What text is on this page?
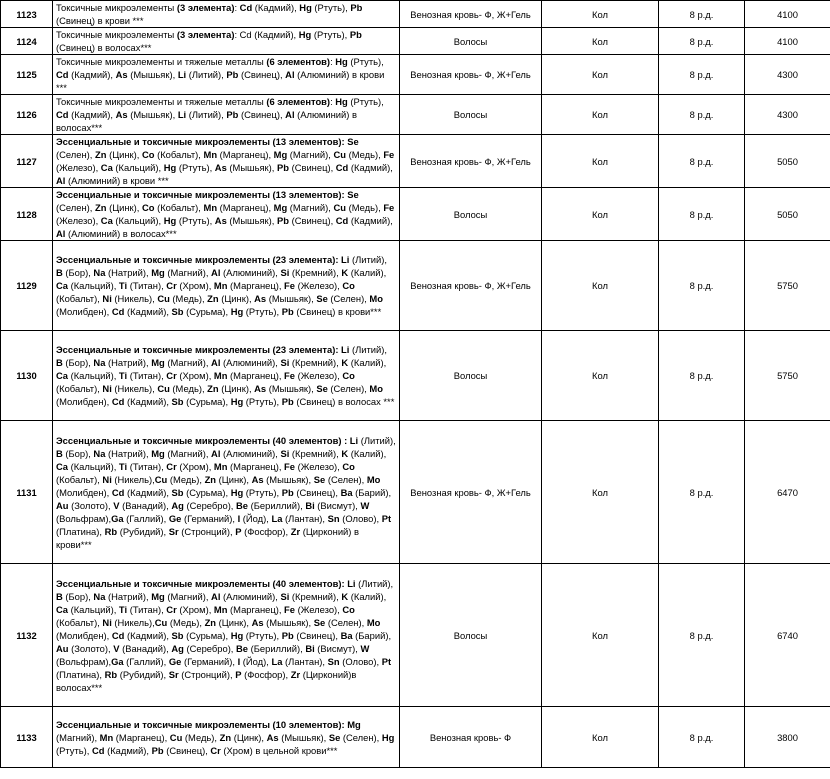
1123	Токсичные микроэлементы (3 элемента): Cd (Кадмий), Hg (Ртуть), Pb (Свинец) в крови ***	Венозная кровь- Ф, Ж+Гель	Кол	8 р.д.	4100
1124	Токсичные микроэлементы (3 элемента): Cd (Кадмий), Hg (Ртуть), Pb (Свинец) в волосах***	Волосы	Кол	8 р.д.	4100
1125	Токсичные микроэлементы и тяжелые металлы (6 элементов): Hg (Ртуть), Cd (Кадмий), As (Мышьяк), Li (Литий), Pb (Свинец), Al (Алюминий) в крови ***	Венозная кровь- Ф, Ж+Гель	Кол	8 р.д.	4300
1126	Токсичные микроэлементы и тяжелые металлы (6 элементов): Hg (Ртуть), Cd (Кадмий), As (Мышьяк), Li (Литий), Pb (Свинец), Al (Алюминий) в волосах***	Волосы	Кол	8 р.д.	4300
1127	Эссенциальные и токсичные микроэлементы (13 элементов): Se (Селен), Zn (Цинк), Co (Кобальт), Mn (Марганец), Mg (Магний), Cu (Медь), Fe (Железо), Ca (Кальций), Hg (Ртуть), As (Мышьяк), Pb (Свинец), Cd (Кадмий), Al (Алюминий) в крови ***	Венозная кровь- Ф, Ж+Гель	Кол	8 р.д.	5050
1128	Эссенциальные и токсичные микроэлементы (13 элементов): Se (Селен), Zn (Цинк), Co (Кобальт), Mn (Марганец), Mg (Магний), Cu (Медь), Fe (Железо), Ca (Кальций), Hg (Ртуть), As (Мышьяк), Pb (Свинец), Cd (Кадмий), Al (Алюминий) в волосах***	Волосы	Кол	8 р.д.	5050
1129	Эссенциальные и токсичные микроэлементы (23 элемента): Li (Литий), B (Бор), Na (Натрий), Mg (Магний), Al (Алюминий), Si (Кремний), K (Калий), Ca (Кальций), Ti (Титан), Cr (Хром), Mn (Марганец), Fe (Железо), Co (Кобальт), Ni (Никель), Cu (Медь), Zn (Цинк), As (Мышьяк), Se (Селен), Mo (Молибден), Cd (Кадмий), Sb (Сурьма), Hg (Ртуть), Pb (Свинец) в крови***	Венозная кровь- Ф, Ж+Гель	Кол	8 р.д.	5750
1130	Эссенциальные и токсичные микроэлементы (23 элемента): Li (Литий), B (Бор), Na (Натрий), Mg (Магний), Al (Алюминий), Si (Кремний), K (Калий), Ca (Кальций), Ti (Титан), Cr (Хром), Mn (Марганец), Fe (Железо), Co (Кобальт), Ni (Никель), Cu (Медь), Zn (Цинк), As (Мышьяк), Se (Селен), Mo (Молибден), Cd (Кадмий), Sb (Сурьма), Hg (Ртуть), Pb (Свинец) в волосах ***	Волосы	Кол	8 р.д.	5750
1131	Эссенциальные и токсичные микроэлементы (40 элементов) : Li (Литий), B (Бор), Na (Натрий), Mg (Магний), Al (Алюминий), Si (Кремний), K (Калий), Ca (Кальций), Ti (Титан), Cr (Хром), Mn (Марганец), Fe (Железо), Co (Кобальт), Ni (Никель),Cu (Медь), Zn (Цинк), As (Мышьяк), Se (Селен), Mo (Молибден), Cd (Кадмий), Sb (Сурьма), Hg (Ртуть), Pb (Свинец), Ba (Барий), Au (Золото), V (Ванадий), Ag (Серебро), Be (Бериллий), Bi (Висмут), W (Вольфрам),Ga (Галлий), Ge (Германий), I (Йод), La (Лантан), Sn (Олово), Pt (Платина), Rb (Рубидий), Sr (Стронций), P (Фосфор), Zr (Цирконий) в крови***	Венозная кровь- Ф, Ж+Гель	Кол	8 р.д.	6470
1132	Эссенциальные и токсичные микроэлементы (40 элементов): Li (Литий), B (Бор), Na (Натрий), Mg (Магний), Al (Алюминий), Si (Кремний), K (Калий), Ca (Кальций), Ti (Титан), Cr (Хром), Mn (Марганец), Fe (Железо), Co (Кобальт), Ni (Никель),Cu (Медь), Zn (Цинк), As (Мышьяк), Se (Селен), Mo (Молибден), Cd (Кадмий), Sb (Сурьма), Hg (Ртуть), Pb (Свинец), Ba (Барий), Au (Золото), V (Ванадий), Ag (Серебро), Be (Бериллий), Bi (Висмут), W (Вольфрам),Ga (Галлий), Ge (Германий), I (Йод), La (Лантан), Sn (Олово), Pt (Платина), Rb (Рубидий), Sr (Стронций), P (Фосфор), Zr (Цирконий)в волосах***	Волосы	Кол	8 р.д.	6740
1133	Эссенциальные и токсичные микроэлементы (10 элементов): Mg (Магний), Mn (Марганец), Cu (Медь), Zn (Цинк), As (Мышьяк), Se (Селен), Hg (Ртуть), Cd (Кадмий), Pb (Свинец), Cr (Хром) в цельной крови***	Венозная кровь- Ф	Кол	8 р.д.	3800
